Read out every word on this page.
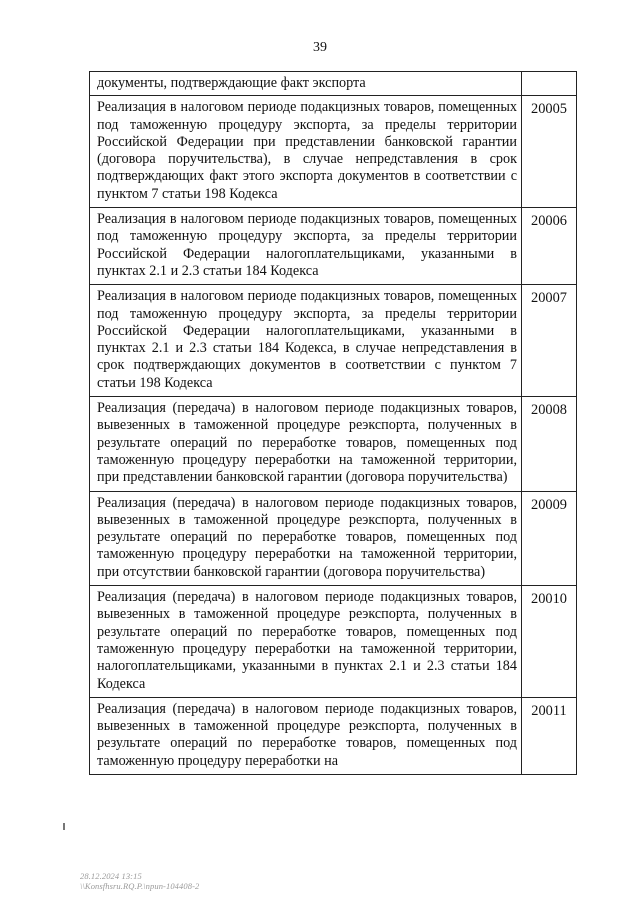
39
документы, подтверждающие факт экспорта	
Реализация в налоговом периоде подакцизных товаров, помещенных под таможенную процедуру экспорта, за пределы территории Российской Федерации при представлении банковской гарантии (договора поручительства), в случае непредставления в срок подтверждающих факт этого экспорта документов в соответствии с пунктом 7 статьи 198 Кодекса	20005
Реализация в налоговом периоде подакцизных товаров, помещенных под таможенную процедуру экспорта, за пределы территории Российской Федерации налогоплательщиками, указанными в пунктах 2.1 и 2.3 статьи 184 Кодекса	20006
Реализация в налоговом периоде подакцизных товаров, помещенных под таможенную процедуру экспорта, за пределы территории Российской Федерации налогоплательщиками, указанными в пунктах 2.1 и 2.3 статьи 184 Кодекса, в случае непредставления в срок подтверждающих документов в соответствии с пунктом 7 статьи 198 Кодекса	20007
Реализация (передача) в налоговом периоде подакцизных товаров, вывезенных в таможенной процедуре реэкспорта, полученных в результате операций по переработке товаров, помещенных под таможенную процедуру переработки на таможенной территории, при представлении банковской гарантии (договора поручительства)	20008
Реализация (передача) в налоговом периоде подакцизных товаров, вывезенных в таможенной процедуре реэкспорта, полученных в результате операций по переработке товаров, помещенных под таможенную процедуру переработки на таможенной территории, при отсутствии банковской гарантии (договора поручительства)	20009
Реализация (передача) в налоговом периоде подакцизных товаров, вывезенных в таможенной процедуре реэкспорта, полученных в результате операций по переработке товаров, помещенных под таможенную процедуру переработки на таможенной территории, налогоплательщиками, указанными в пунктах 2.1 и 2.3 статьи 184 Кодекса	20010
Реализация (передача) в налоговом периоде подакцизных товаров, вывезенных в таможенной процедуре реэкспорта, полученных в результате операций по переработке товаров, помещенных под таможенную процедуру переработки на	20011
28.12.2024 13:15
\\Konsfhsru.RQ.P.\npun-104408-2
